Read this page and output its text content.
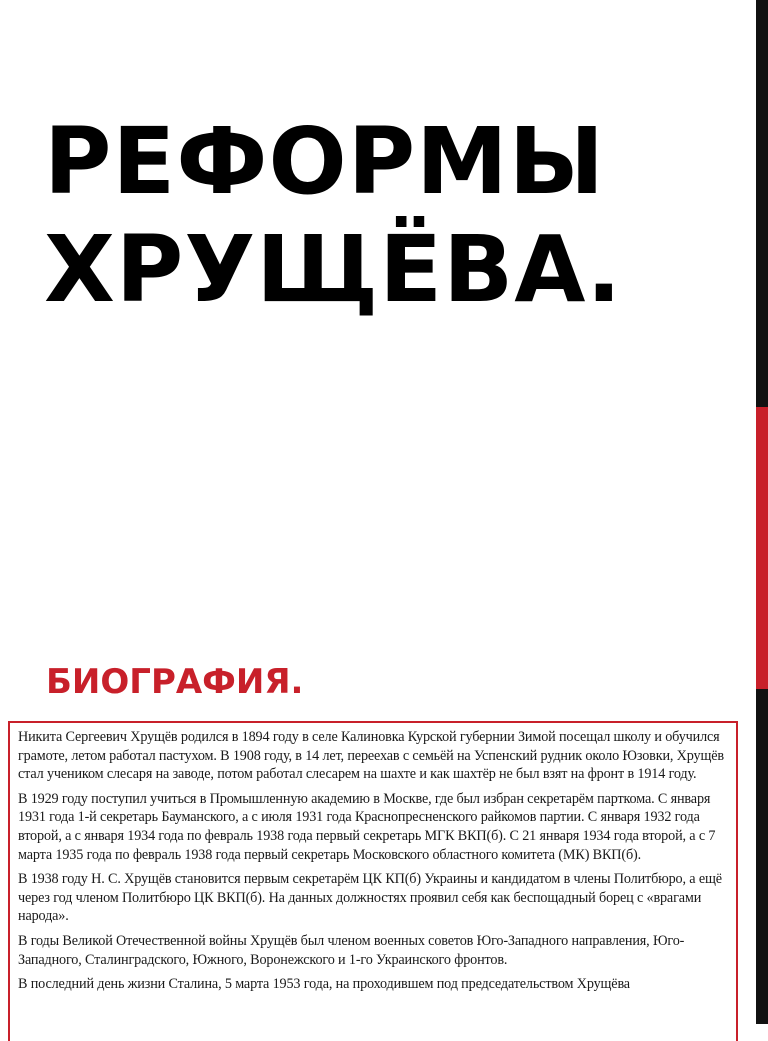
РЕФОРМЫ
ХРУЩЁВА.
БИОГРАФИЯ.

Никита Сергеевич Хрущёв родился в 1894 году в селе Калиновка Курской губернии Зимой посещал школу и обучился грамоте, летом работал пастухом. В 1908 году, в 14 лет, переехав с семьёй на Успенский рудник около Юзовки, Хрущёв стал учеником слесаря на заводе, потом работал слесарем на шахте и как шахтёр не был взят на фронт в 1914 году.

В 1929 году поступил учиться в Промышленную академию в Москве, где был избран секретарём парткома. С января 1931 года 1-й секретарь Бауманского, а с июля 1931 года Краснопресненского райкомов партии. С января 1932 года второй, а с января 1934 года по февраль 1938 года первый секретарь МГК ВКП(б). С 21 января 1934 года второй, а с 7 марта 1935 года по февраль 1938 года первый секретарь Московского областного комитета (МК) ВКП(б).

В 1938 году Н. С. Хрущёв становится первым секретарём ЦК КП(б) Украины и кандидатом в члены Политбюро, а ещё через год членом Политбюро ЦК ВКП(б). На данных должностях проявил себя как беспощадный борец с «врагами народа».

В годы Великой Отечественной войны Хрущёв был членом военных советов Юго-Западного направления, Юго-Западного, Сталинградского, Южного, Воронежского и 1-го Украинского фронтов.

В последний день жизни Сталина, 5 марта 1953 года, на проходившем под председательством Хрущёва
